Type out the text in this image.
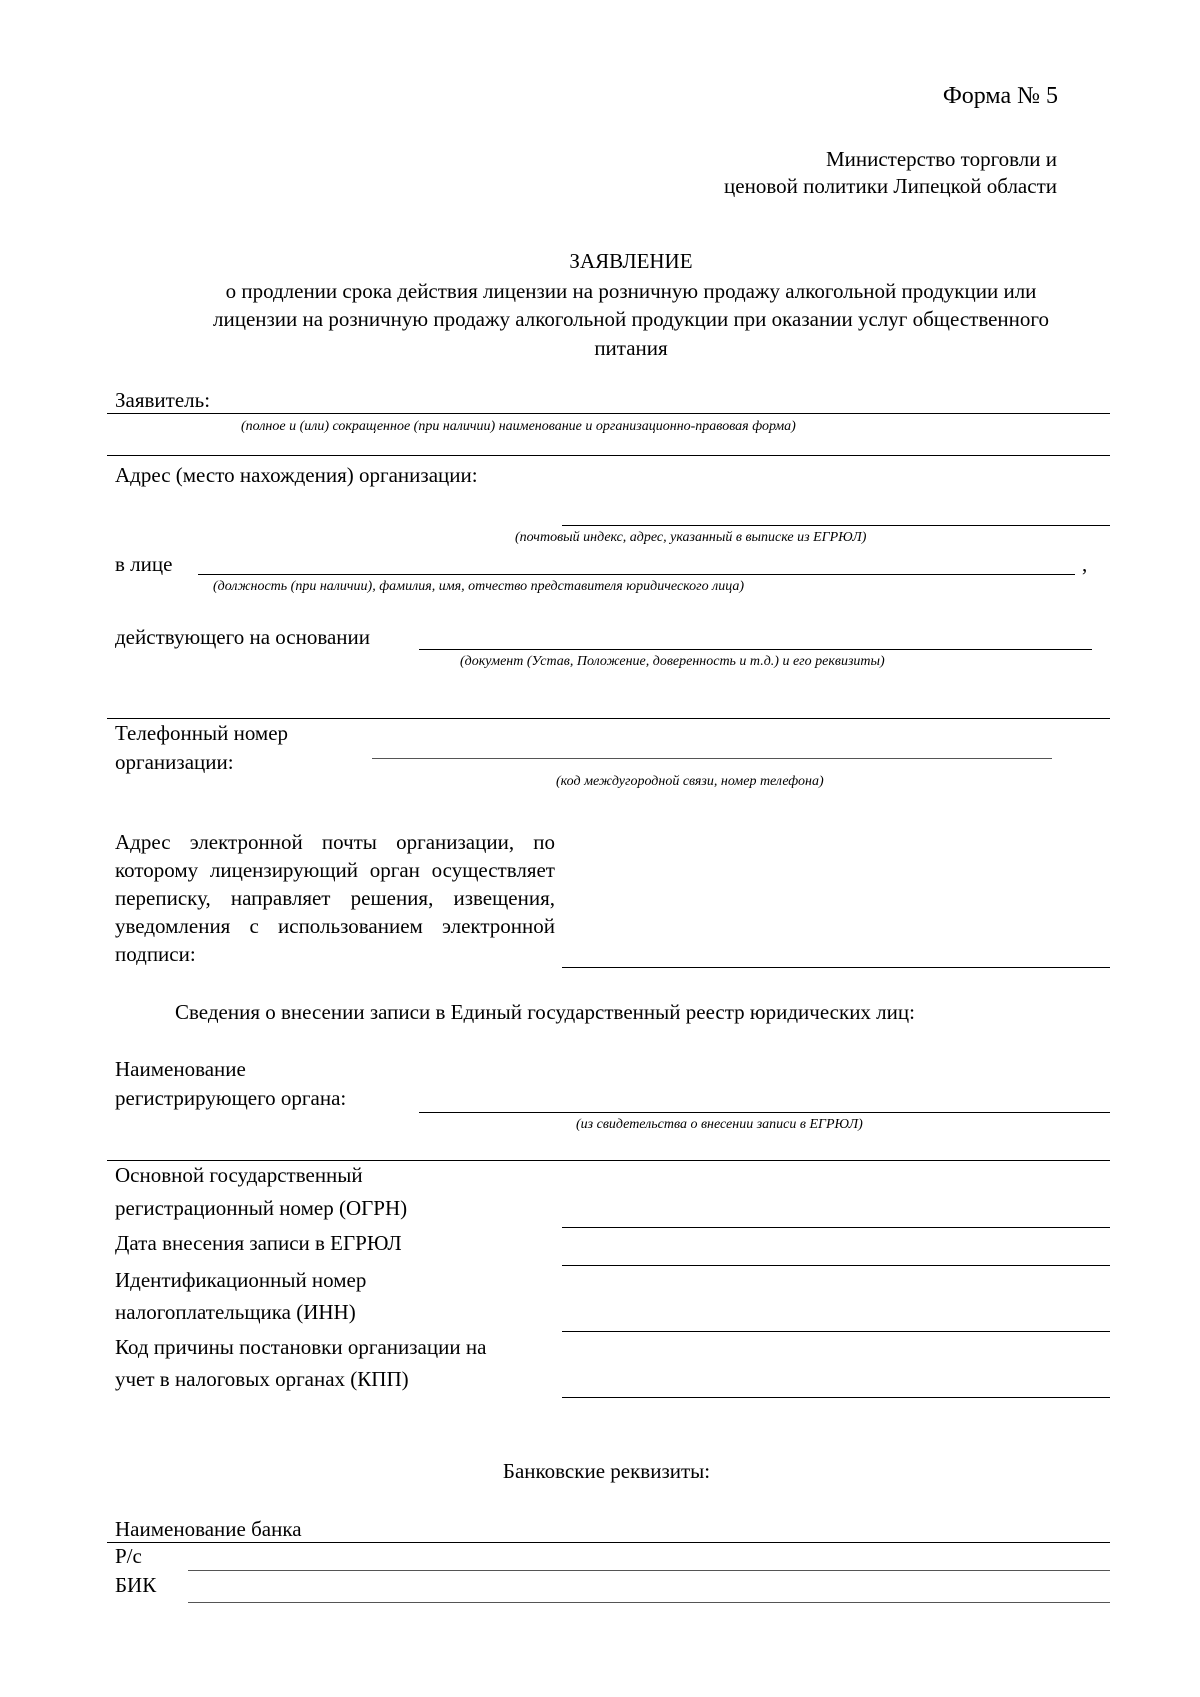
Форма № 5
Министерство торговли и
ценовой политики Липецкой области
ЗАЯВЛЕНИЕ
о продлении срока действия лицензии на розничную продажу алкогольной продукции или
лицензии на розничную продажу алкогольной продукции при оказании услуг общественного
питания
Заявитель:
(полное и (или) сокращенное (при наличии) наименование и организационно-правовая форма)
Адрес (место нахождения) организации:
(почтовый индекс, адрес, указанный в выписке из ЕГРЮЛ)
в лице	,
(должность (при наличии), фамилия, имя, отчество представителя юридического лица)
действующего на основании
(документ (Устав, Положение, доверенность и т.д.) и его реквизиты)
Телефонный номер
организации:
(код междугородной связи, номер телефона)
Адрес электронной почты организации, по которому лицензирующий орган осуществляет переписку, направляет решения, извещения, уведомления с использованием электронной подписи:
Сведения о внесении записи в Единый государственный реестр юридических лиц:
Наименование
регистрирующего органа:
(из свидетельства о внесении записи в ЕГРЮЛ)
Основной государственный
регистрационный номер (ОГРН)
Дата внесения записи в ЕГРЮЛ
Идентификационный номер
налогоплательщика (ИНН)
Код причины постановки организации на
учет в налоговых органах (КПП)
Банковские реквизиты:
Наименование банка
Р/с
БИК
